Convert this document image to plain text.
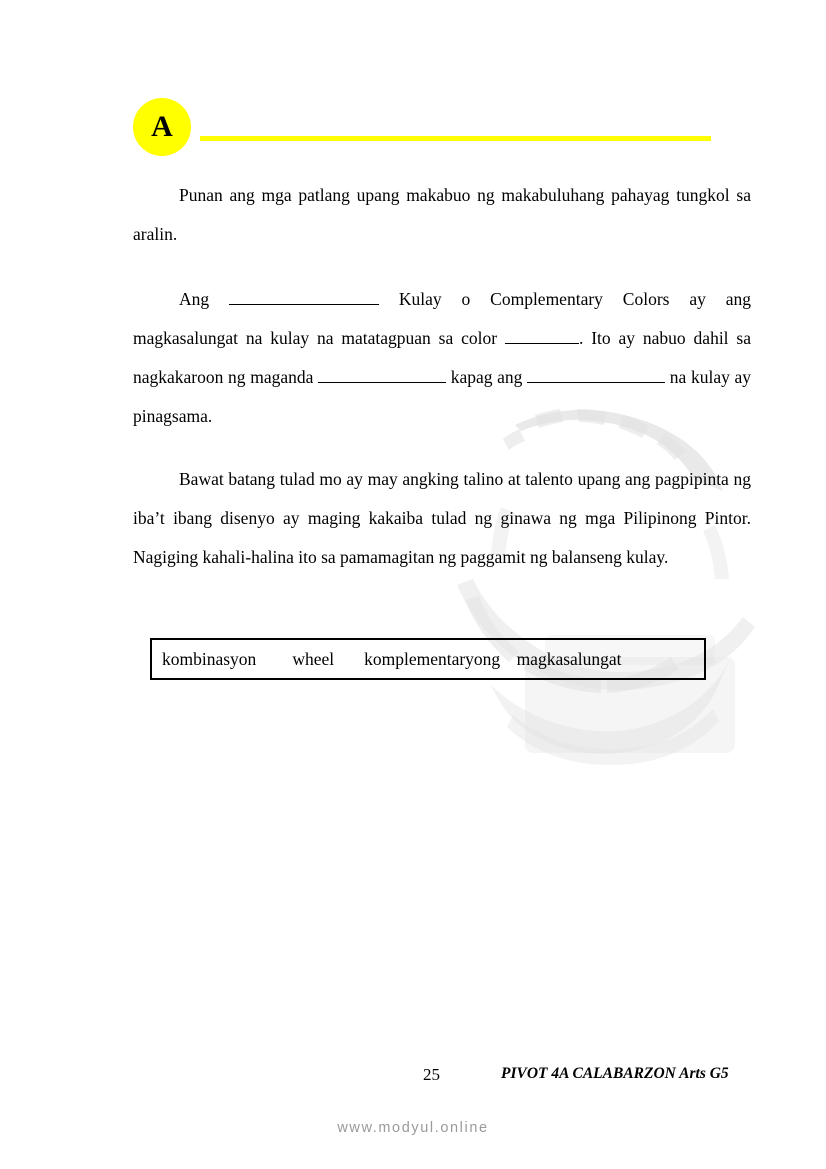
A

Punan ang mga patlang upang makabuo ng makabuluhang pahayag tungkol sa aralin.

Ang	Kulay o Complementary Colors ay ang magkasalungat na kulay na matatagpuan sa color	. Ito ay nabuo dahil sa nagkakaroon ng maganda	kapag ang	na kulay ay pinagsama.

Bawat batang tulad mo ay may angking talino at talento upang ang pagpipinta ng iba’t ibang disenyo ay maging kakaiba tulad ng ginawa ng mga Pilipinong Pintor. Nagiging kahali-halina ito sa pamamagitan ng paggamit ng balanseng kulay.

kombinasyon wheel komplementaryong magkasalungat
25	PIVOT 4A CALABARZON Arts G5
www.modyul.online
